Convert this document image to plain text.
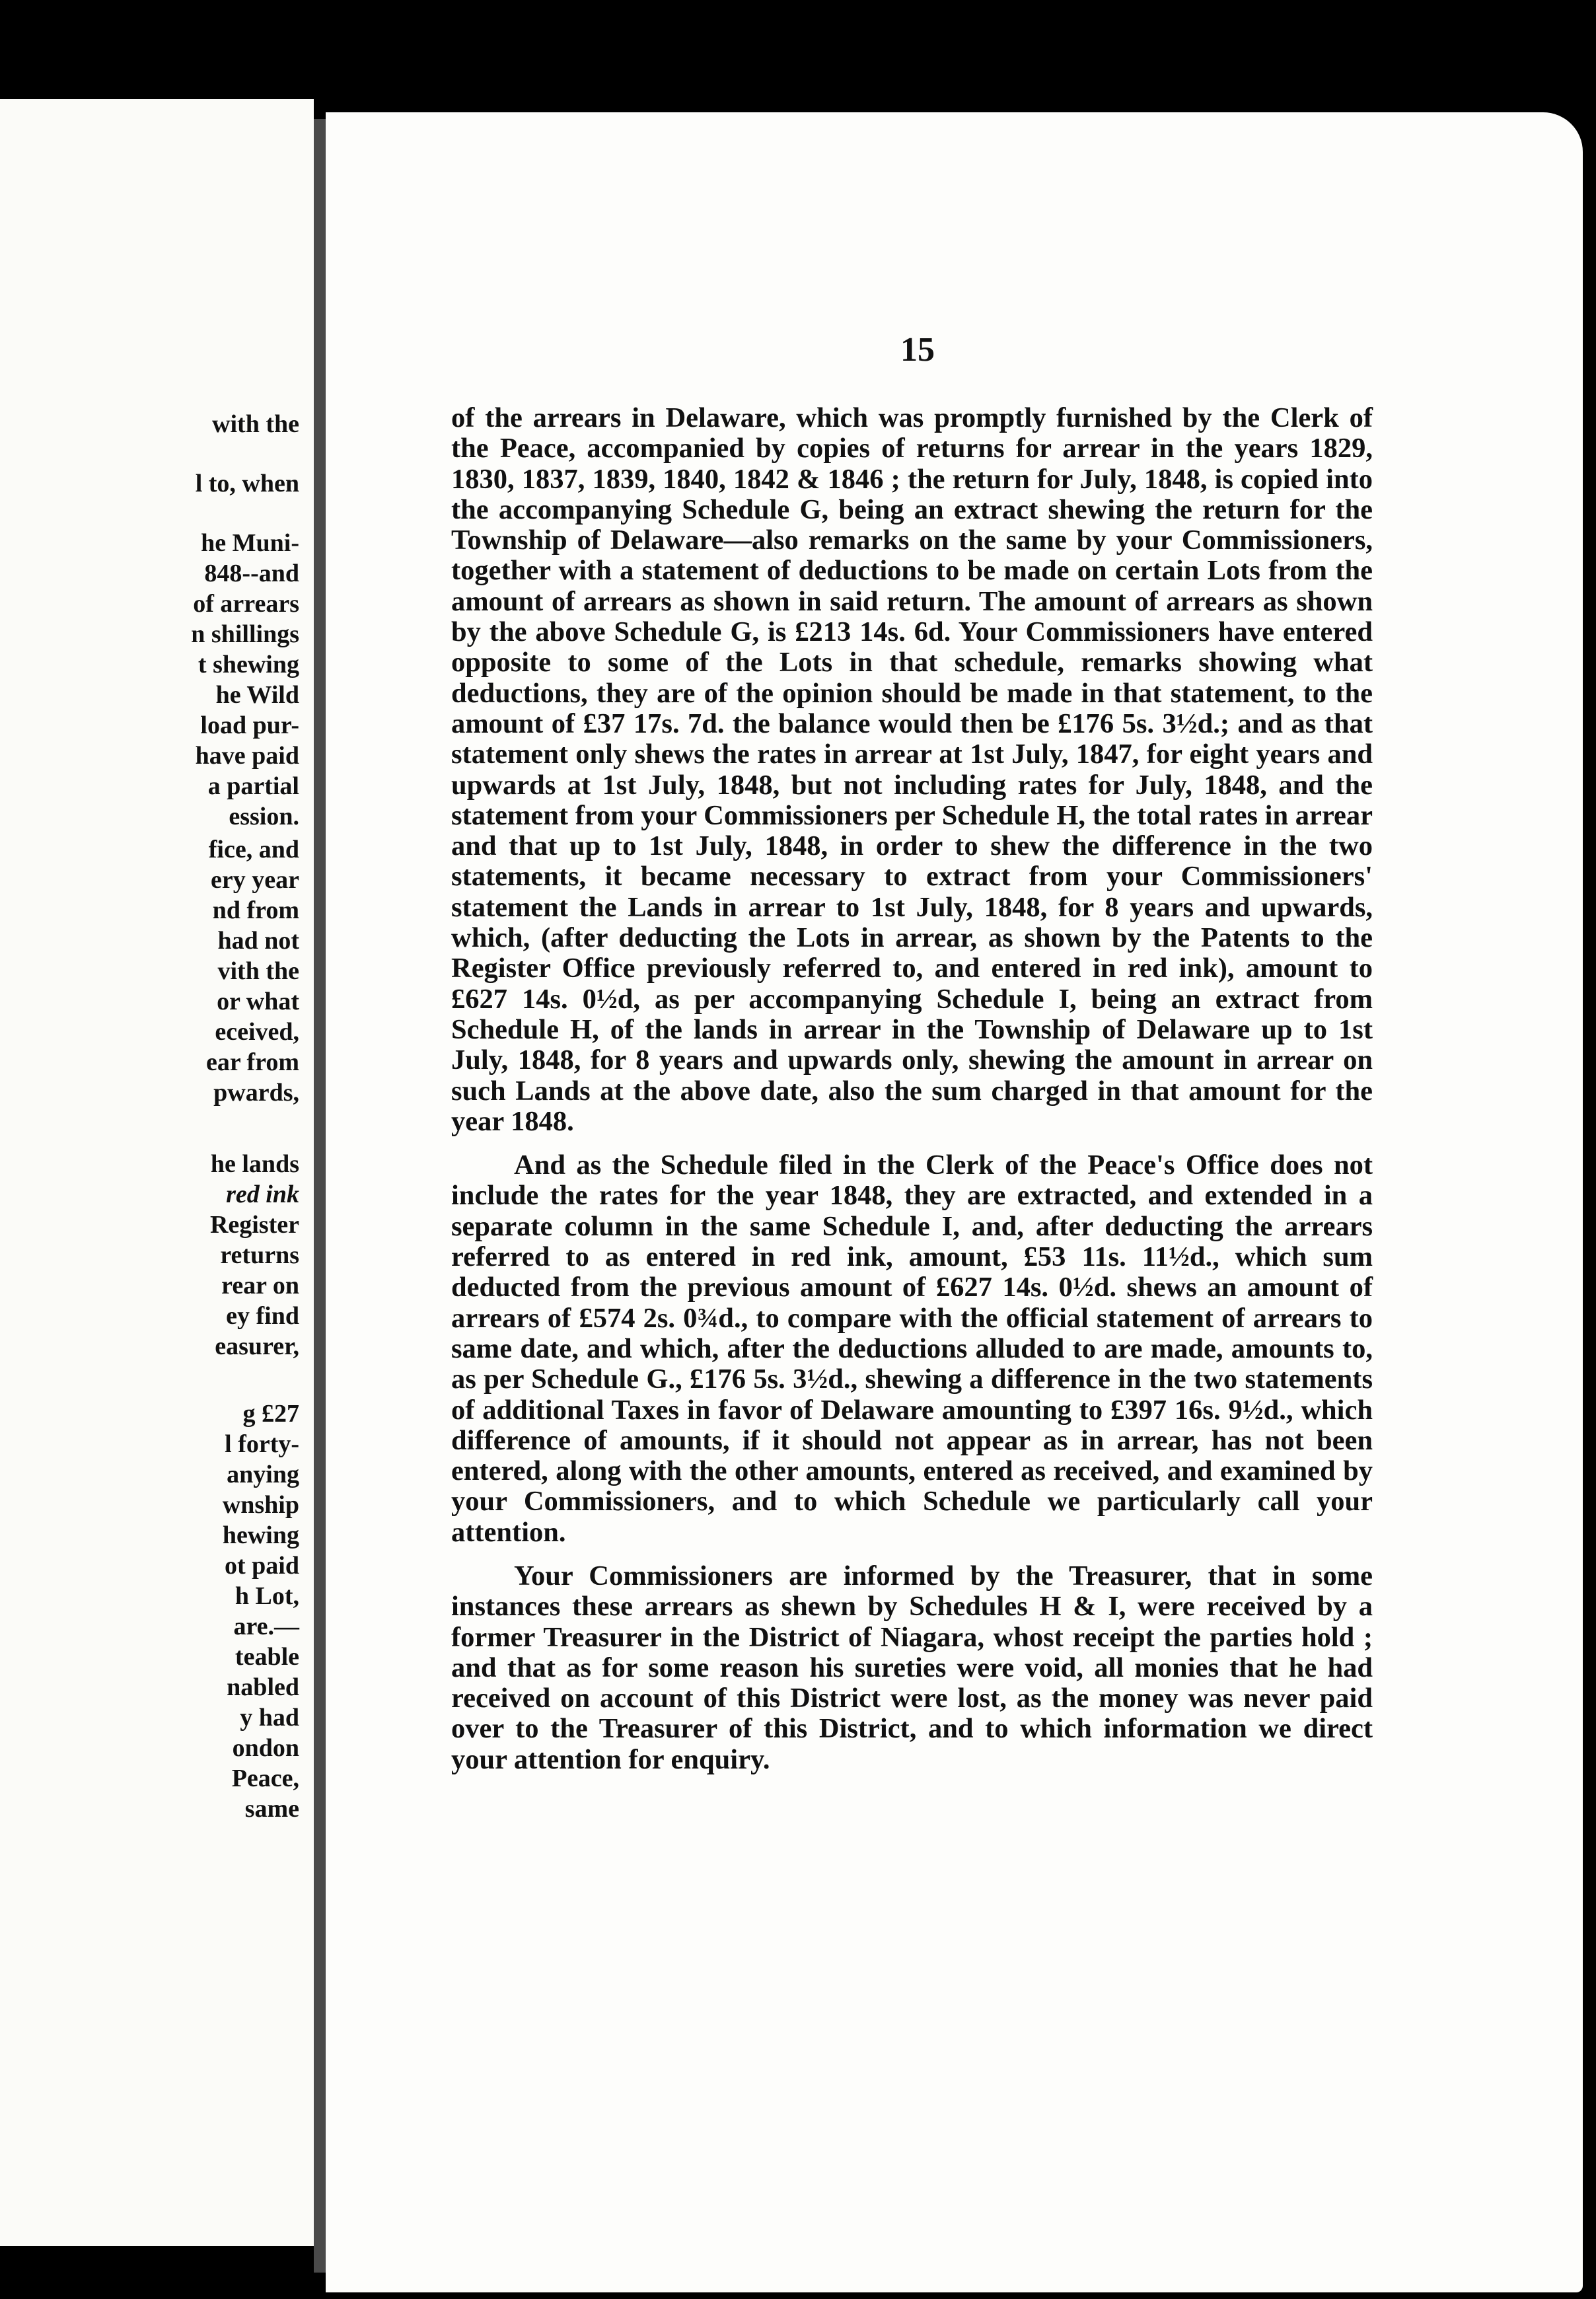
with the
l to, when
he Muni-
848--and
of arrears
n shillings
t shewing
he Wild
load pur-
have paid
a partial
ession.
fice, and
ery year
nd from
had not
vith the
or what
eceived,
ear from
pwards,
he lands
red ink
Register
returns
rear on
ey find
easurer,
g £27
l forty-
anying
wnship
hewing
ot paid
h Lot,
are.—
teable
nabled
y had
ondon
Peace,
same
15

of the arrears in Delaware, which was promptly furnished by the Clerk of the Peace, accompanied by copies of returns for arrear in the years 1829, 1830, 1837, 1839, 1840, 1842 & 1846 ; the return for July, 1848, is copied into the accompanying Schedule G, being an extract shewing the return for the Township of Delaware—also remarks on the same by your Commissioners, together with a statement of deductions to be made on certain Lots from the amount of arrears as shown in said return. The amount of arrears as shown by the above Schedule G, is £213 14s. 6d. Your Commissioners have entered opposite to some of the Lots in that schedule, remarks showing what deductions, they are of the opinion should be made in that statement, to the amount of £37 17s. 7d. the balance would then be £176 5s. 3½d.; and as that statement only shews the rates in arrear at 1st July, 1847, for eight years and upwards at 1st July, 1848, but not including rates for July, 1848, and the statement from your Commissioners per Schedule H, the total rates in arrear and that up to 1st July, 1848, in order to shew the difference in the two statements, it became necessary to extract from your Commissioners' statement the Lands in arrear to 1st July, 1848, for 8 years and upwards, which, (after deducting the Lots in arrear, as shown by the Patents to the Register Office previously referred to, and entered in red ink), amount to £627 14s. 0½d, as per accompanying Schedule I, being an extract from Schedule H, of the lands in arrear in the Township of Delaware up to 1st July, 1848, for 8 years and upwards only, shewing the amount in arrear on such Lands at the above date, also the sum charged in that amount for the year 1848.

And as the Schedule filed in the Clerk of the Peace's Office does not include the rates for the year 1848, they are extracted, and extended in a separate column in the same Schedule I, and, after deducting the arrears referred to as entered in red ink, amount, £53 11s. 11½d., which sum deducted from the previous amount of £627 14s. 0½d. shews an amount of arrears of £574 2s. 0¾d., to compare with the official statement of arrears to same date, and which, after the deductions alluded to are made, amounts to, as per Schedule G., £176 5s. 3½d., shewing a difference in the two statements of additional Taxes in favor of Delaware amounting to £397 16s. 9½d., which difference of amounts, if it should not appear as in arrear, has not been entered, along with the other amounts, entered as received, and examined by your Commissioners, and to which Schedule we particularly call your attention.

Your Commissioners are informed by the Treasurer, that in some instances these arrears as shewn by Schedules H & I, were received by a former Treasurer in the District of Niagara, whost receipt the parties hold ; and that as for some reason his sureties were void, all monies that he had received on account of this District were lost, as the money was never paid over to the Treasurer of this District, and to which information we direct your attention for enquiry.
